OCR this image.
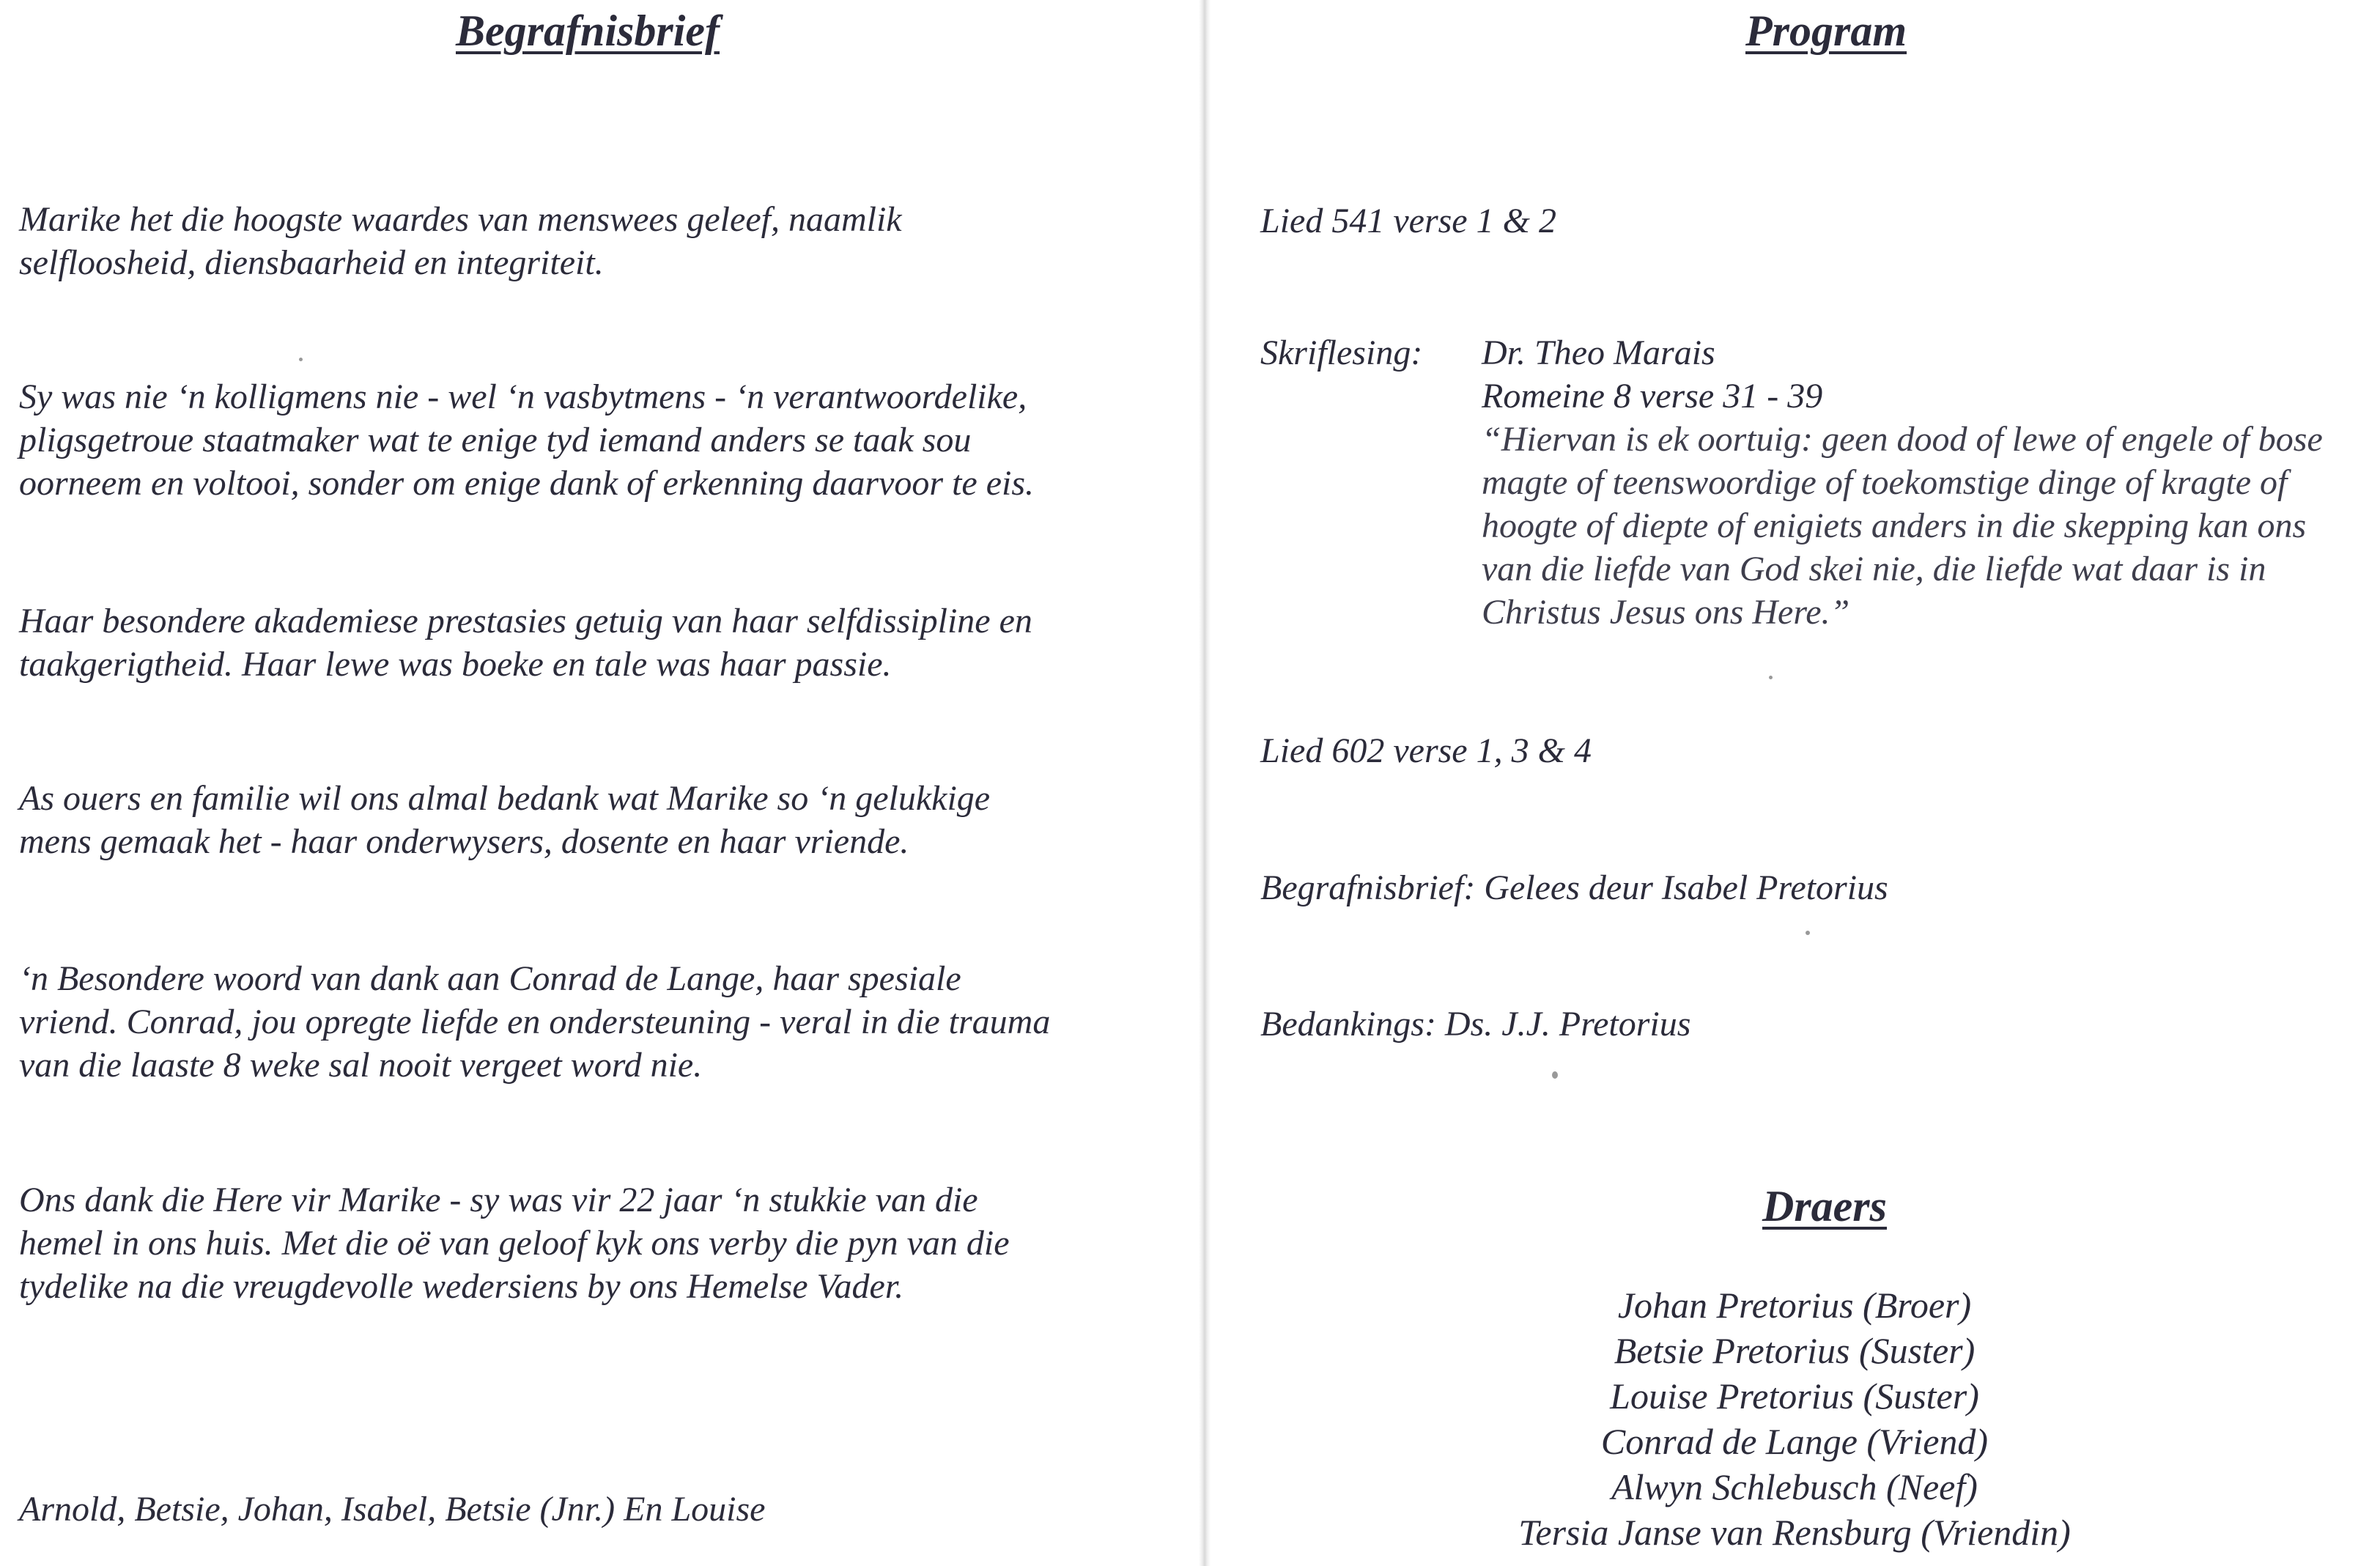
Begrafnisbrief

Marike het die hoogste waardes van menswees geleef, naamlik
selfloosheid, diensbaarheid en integriteit.

Sy was nie ‘n kolligmens nie - wel ‘n vasbytmens - ‘n verantwoordelike,
pligsgetroue staatmaker wat te enige tyd iemand anders se taak sou
oorneem en voltooi, sonder om enige dank of erkenning daarvoor te eis.

Haar besondere akademiese prestasies getuig van haar selfdissipline en
taakgerigtheid. Haar lewe was boeke en tale was haar passie.

As ouers en familie wil ons almal bedank wat Marike so ‘n gelukkige
mens gemaak het - haar onderwysers, dosente en haar vriende.

‘n Besondere woord van dank aan Conrad de Lange, haar spesiale
vriend. Conrad, jou opregte liefde en ondersteuning - veral in die trauma
van die laaste 8 weke sal nooit vergeet word nie.

Ons dank die Here vir Marike - sy was vir 22 jaar ‘n stukkie van die
hemel in ons huis. Met die oë van geloof kyk ons verby die pyn van die
tydelike na die vreugdevolle wedersiens by ons Hemelse Vader.

Arnold, Betsie, Johan, Isabel, Betsie (Jnr.) En Louise

Program

Lied 541 verse 1 & 2

Skriflesing: Dr. Theo Marais
Romeine 8 verse 31 - 39
“Hiervan is ek oortuig: geen dood of lewe of engele of bose
magte of teenswoordige of toekomstige dinge of kragte of
hoogte of diepte of enigiets anders in die skepping kan ons
van die liefde van God skei nie, die liefde wat daar is in
Christus Jesus ons Here.”

Lied 602 verse 1, 3 & 4

Begrafnisbrief: Gelees deur Isabel Pretorius

Bedankings: Ds. J.J. Pretorius

Draers
Johan Pretorius (Broer)
Betsie Pretorius (Suster)
Louise Pretorius (Suster)
Conrad de Lange (Vriend)
Alwyn Schlebusch (Neef)
Tersia Janse van Rensburg (Vriendin)
